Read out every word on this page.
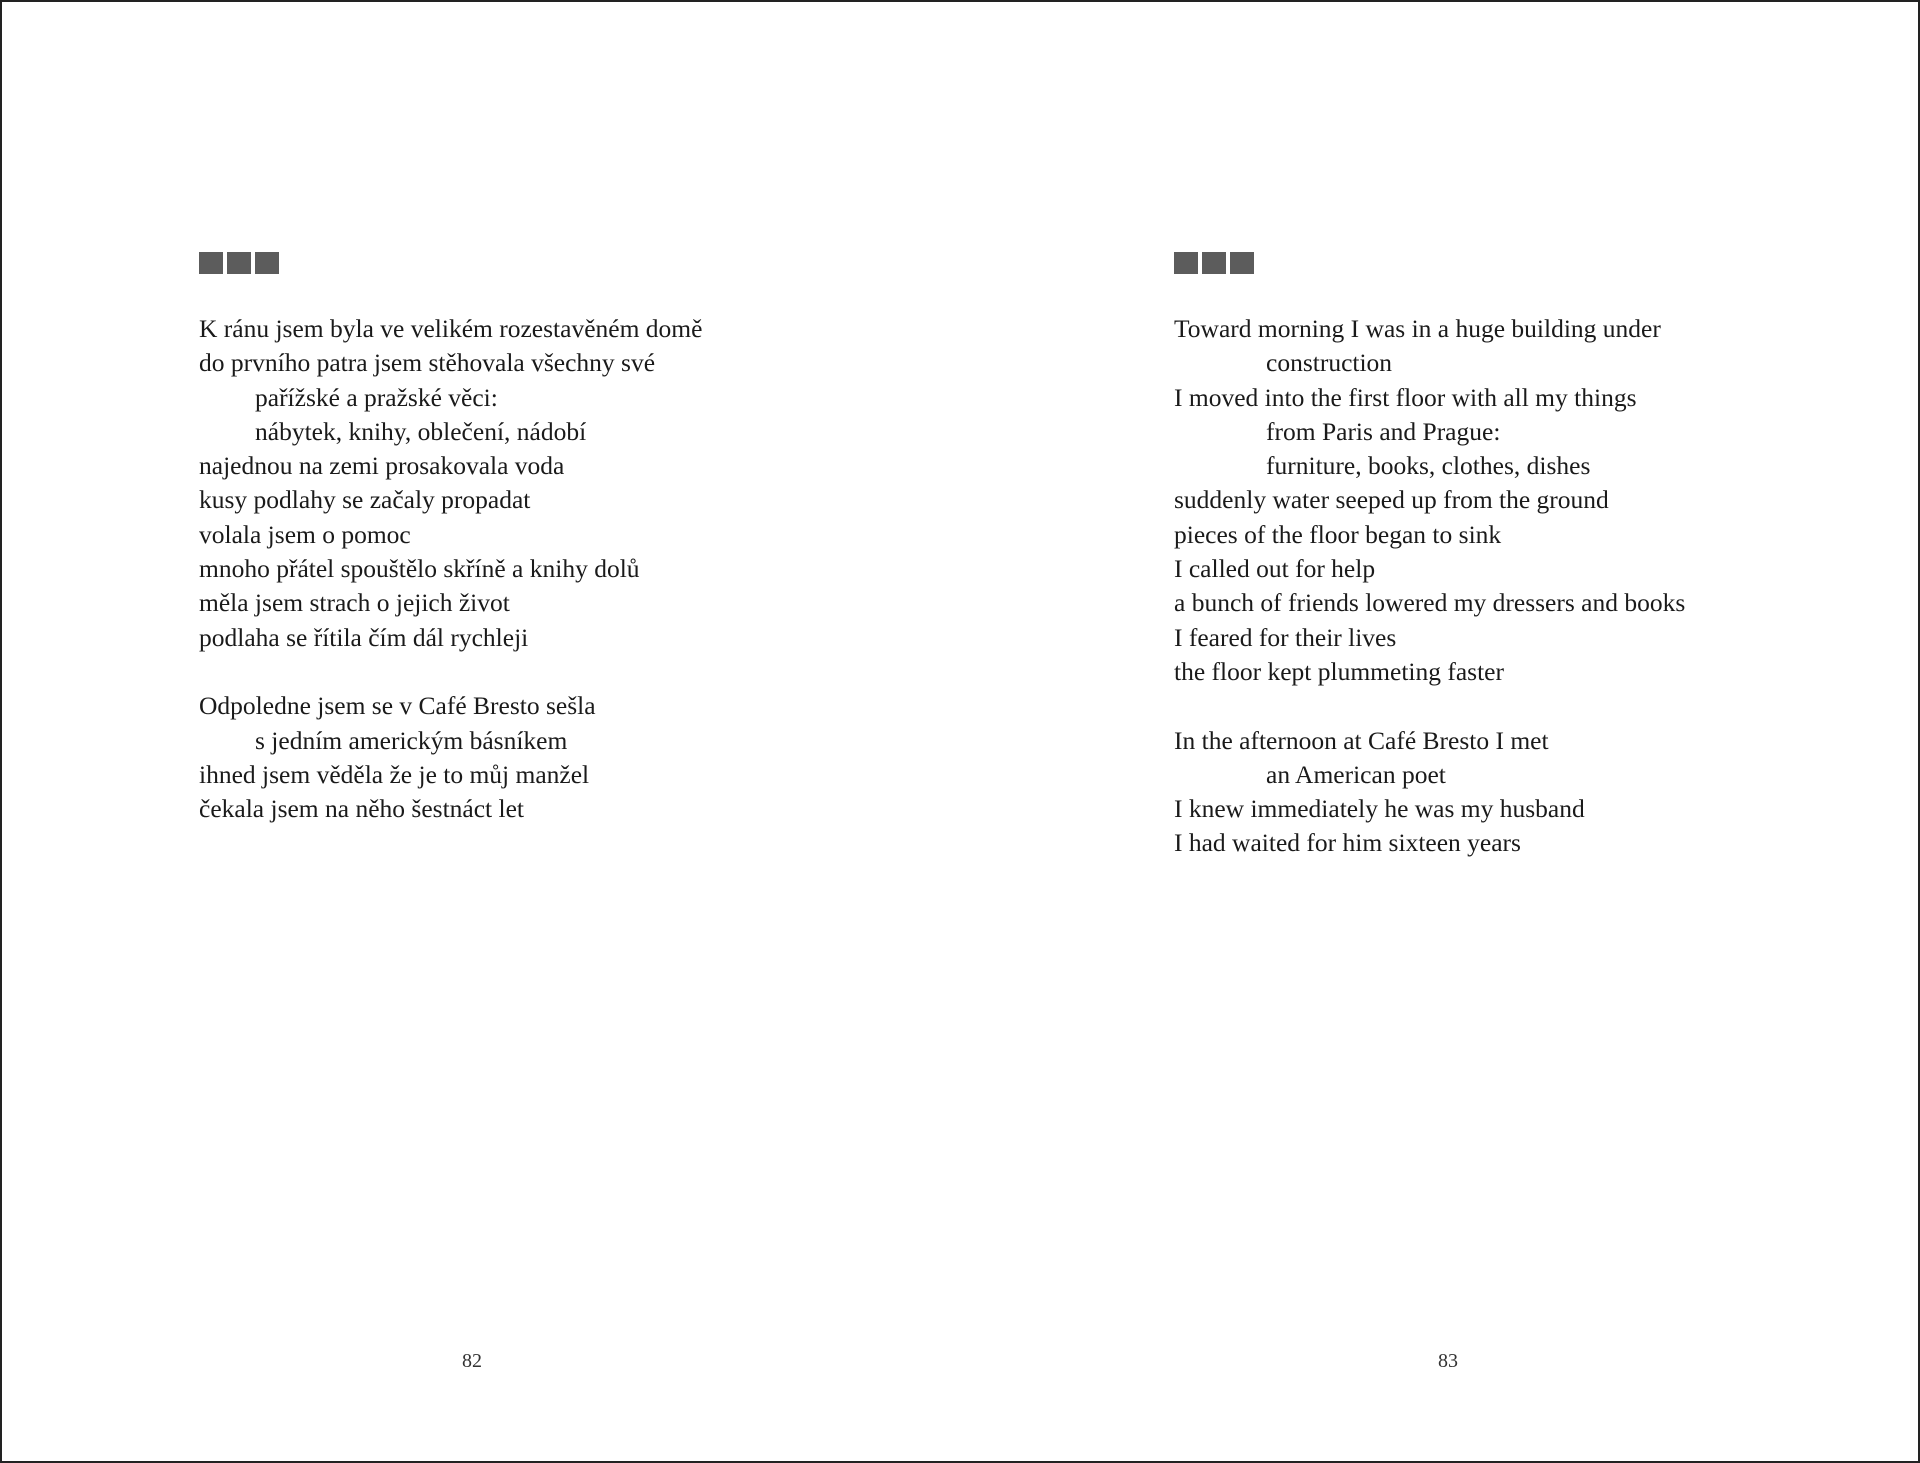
K ránu jsem byla ve velikém rozestavěném domě
do prvního patra jsem stěhovala všechny své
pařížské a pražské věci:
nábytek, knihy, oblečení, nádobí
najednou na zemi prosakovala voda
kusy podlahy se začaly propadat
volala jsem o pomoc
mnoho přátel spouštělo skříně a knihy dolů
měla jsem strach o jejich život
podlaha se řítila čím dál rychleji
Odpoledne jsem se v Café Bresto sešla
s jedním americkým básníkem
ihned jsem věděla že je to můj manžel
čekala jsem na něho šestnáct let
82
Toward morning I was in a huge building under
construction
I moved into the first floor with all my things
from Paris and Prague:
furniture, books, clothes, dishes
suddenly water seeped up from the ground
pieces of the floor began to sink
I called out for help
a bunch of friends lowered my dressers and books
I feared for their lives
the floor kept plummeting faster
In the afternoon at Café Bresto I met
an American poet
I knew immediately he was my husband
I had waited for him sixteen years
83
